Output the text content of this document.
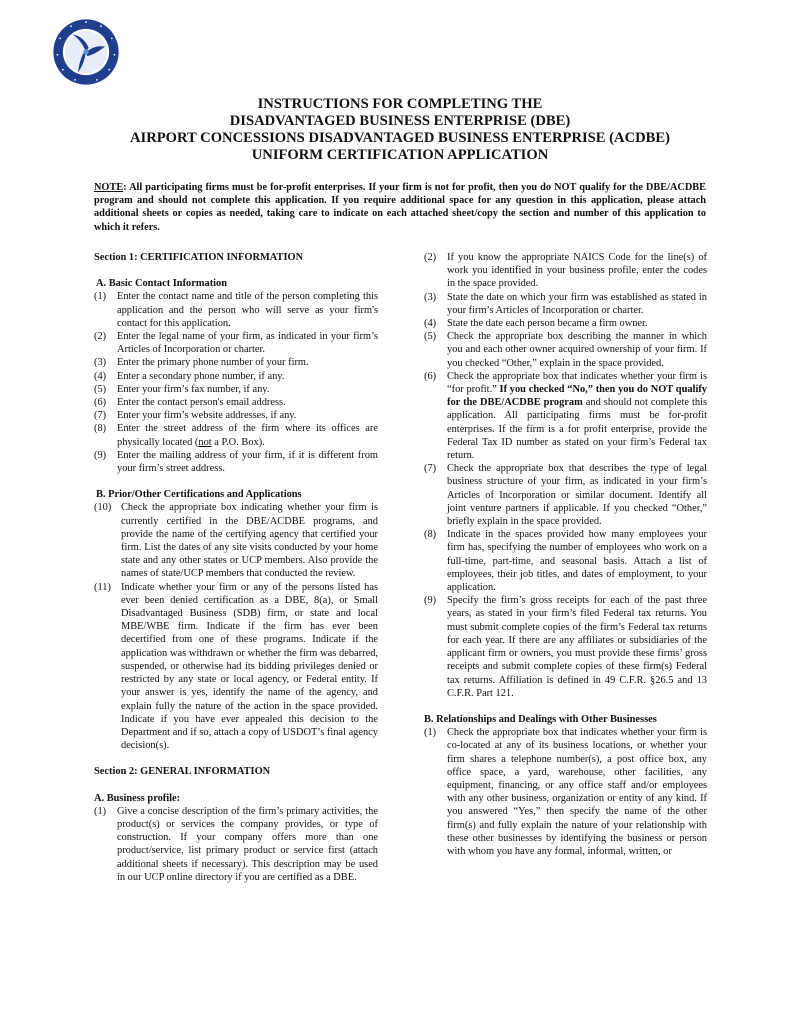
INSTRUCTIONS FOR COMPLETING THE
DISADVANTAGED BUSINESS ENTERPRISE (DBE)
AIRPORT CONCESSIONS DISADVANTAGED BUSINESS ENTERPRISE (ACDBE)
UNIFORM CERTIFICATION APPLICATION
NOTE: All participating firms must be for-profit enterprises. If your firm is not for profit, then you do NOT qualify for the DBE/ACDBE program and should not complete this application. If you require additional space for any question in this application, please attach additional sheets or copies as needed, taking care to indicate on each attached sheet/copy the section and number of this application to which it refers.
Section 1: CERTIFICATION INFORMATION
A. Basic Contact Information
(1)	Enter the contact name and title of the person completing this application and the person who will serve as your firm's contact for this application.
(2)	Enter the legal name of your firm, as indicated in your firm’s Articles of Incorporation or charter.
(3)	Enter the primary phone number of your firm.
(4)	Enter a secondary phone number, if any.
(5)	Enter your firm’s fax number, if any.
(6)	Enter the contact person's email address.
(7)	Enter your firm’s website addresses, if any.
(8)	Enter the street address of the firm where its offices are physically located (not a P.O. Box).
(9)	Enter the mailing address of your firm, if it is different from your firm’s street address.
B. Prior/Other Certifications and Applications
(10) Check the appropriate box indicating whether your firm is currently certified in the DBE/ACDBE programs, and provide the name of the certifying agency that certified your firm. List the dates of any site visits conducted by your home state and any other states or UCP members. Also provide the names of state/UCP members that conducted the review.
(11) Indicate whether your firm or any of the persons listed has ever been denied certification as a DBE, 8(a), or Small Disadvantaged Business (SDB) firm, or state and local MBE/WBE firm. Indicate if the firm has ever been decertified from one of these programs. Indicate if the application was withdrawn or whether the firm was debarred, suspended, or otherwise had its bidding privileges denied or restricted by any state or local agency, or Federal entity. If your answer is yes, identify the name of the agency, and explain fully the nature of the action in the space provided. Indicate if you have ever appealed this decision to the Department and if so, attach a copy of USDOT’s final agency decision(s).
Section 2: GENERAL INFORMATION
A. Business profile:
(1)	Give a concise description of the firm’s primary activities, the product(s) or services the company provides, or type of construction. If your company offers more than one product/service, list primary product or service first (attach additional sheets if necessary). This description may be used in our UCP online directory if you are certified as a DBE.
(2)	If you know the appropriate NAICS Code for the line(s) of work you identified in your business profile, enter the codes in the space provided.
(3)	State the date on which your firm was established as stated in your firm’s Articles of Incorporation or charter.
(4)	State the date each person became a firm owner.
(5)	Check the appropriate box describing the manner in which you and each other owner acquired ownership of your firm. If you checked “Other,” explain in the space provided.
(6)	Check the appropriate box that indicates whether your firm is “for profit.” If you checked “No,” then you do NOT qualify for the DBE/ACDBE program and should not complete this application. All participating firms must be for-profit enterprises. If the firm is a for profit enterprise, provide the Federal Tax ID number as stated on your firm’s Federal tax return.
(7)	Check the appropriate box that describes the type of legal business structure of your firm, as indicated in your firm’s Articles of Incorporation or similar document. Identify all joint venture partners if applicable. If you checked “Other,” briefly explain in the space provided.
(8)	Indicate in the spaces provided how many employees your firm has, specifying the number of employees who work on a full-time, part-time, and seasonal basis. Attach a list of employees, their job titles, and dates of employment, to your application.
(9)	Specify the firm’s gross receipts for each of the past three years, as stated in your firm’s filed Federal tax returns. You must submit complete copies of the firm’s Federal tax returns for each year. If there are any affiliates or subsidiaries of the applicant firm or owners, you must provide these firms’ gross receipts and submit complete copies of these firm(s) Federal tax returns. Affiliation is defined in 49 C.F.R. §26.5 and 13 C.F.R. Part 121.
B. Relationships and Dealings with Other Businesses
(1)	Check the appropriate box that indicates whether your firm is co-located at any of its business locations, or whether your firm shares a telephone number(s), a post office box, any office space, a yard, warehouse, other facilities, any equipment, financing, or any office staff and/or employees with any other business, organization or entity of any kind. If you answered “Yes,” then specify the name of the other firm(s) and fully explain the nature of your relationship with these other businesses by identifying the business or person with whom you have any formal, informal, written, or
